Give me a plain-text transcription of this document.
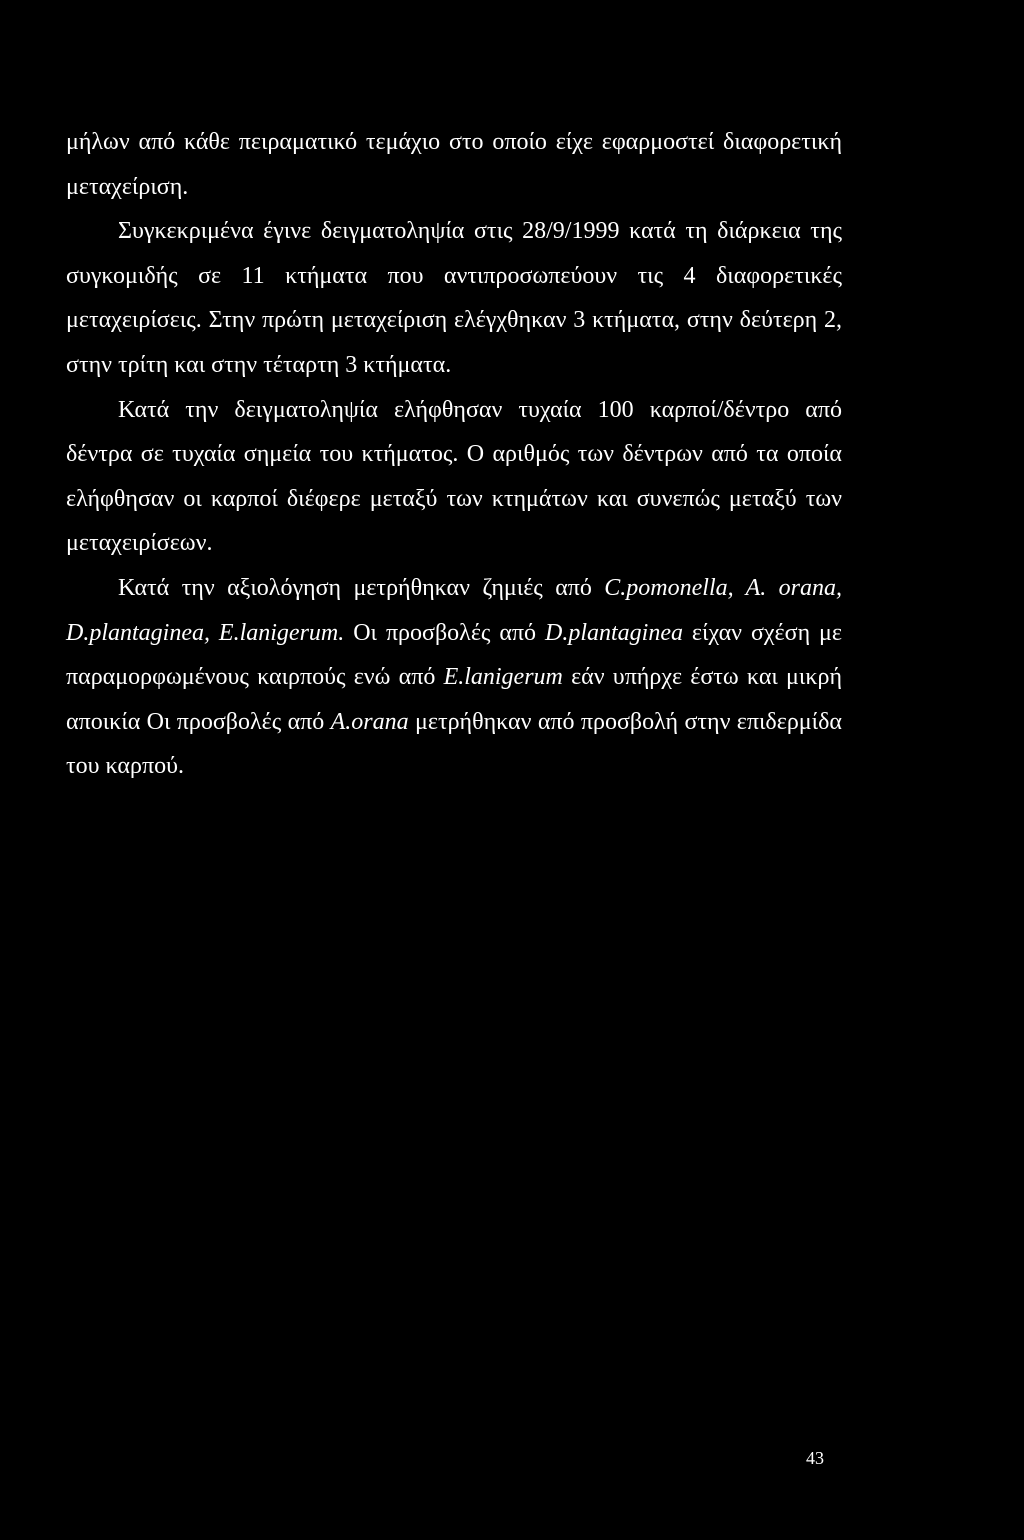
μήλων από κάθε πειραματικό τεμάχιο στο οποίο είχε εφαρμοστεί διαφορετική μεταχείριση.

Συγκεκριμένα έγινε δειγματοληψία στις 28/9/1999 κατά τη διάρκεια της συγκομιδής σε 11 κτήματα που αντιπροσωπεύουν τις 4 διαφορετικές μεταχειρίσεις. Στην πρώτη μεταχείριση ελέγχθηκαν 3 κτήματα, στην δεύτερη 2, στην τρίτη και στην τέταρτη 3 κτήματα.

Κατά την δειγματοληψία ελήφθησαν τυχαία 100 καρποί/δέντρο από δέντρα σε τυχαία σημεία του κτήματος. Ο αριθμός των δέντρων από τα οποία ελήφθησαν οι καρποί διέφερε μεταξύ των κτημάτων και συνεπώς μεταξύ των μεταχειρίσεων.

Κατά την αξιολόγηση μετρήθηκαν ζημιές από C.pomonella, A. orana, D.plantaginea, E.lanigerum. Οι προσβολές από D.plantaginea είχαν σχέση με παραμορφωμένους καιρπούς ενώ από E.lanigerum εάν υπήρχε έστω και μικρή αποικία Οι προσβολές από A.orana μετρήθηκαν από προσβολή στην επιδερμίδα του καρπού.

43
